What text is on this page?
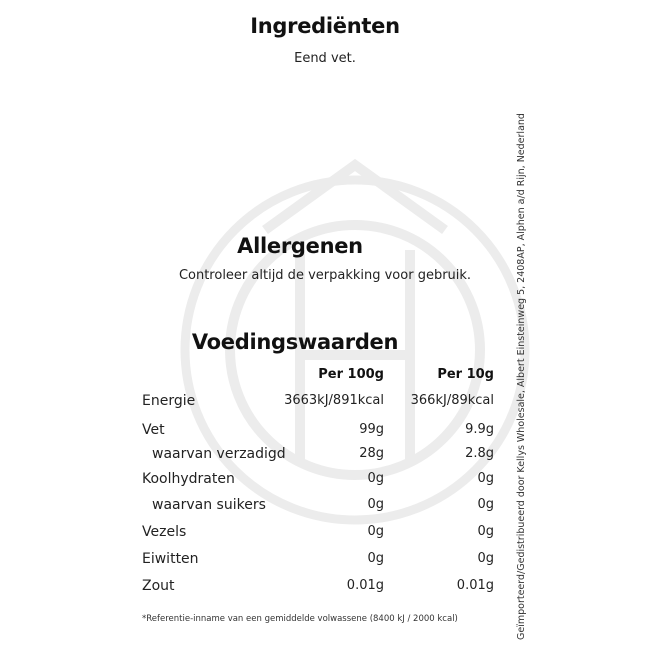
Ingrediënten

Eend vet.

Allergenen

Controleer altijd de verpakking voor gebruik.

Voedingswaarden
Per 100g	Per 10g
Energie	3663kJ/891kcal	366kJ/89kcal
Vet	99g	9.9g
waarvan verzadigd	28g	2.8g
Koolhydraten	0g	0g
waarvan suikers	0g	0g
Vezels	0g	0g
Eiwitten	0g	0g
Zout	0.01g	0.01g
*Referentie-inname van een gemiddelde volwassene (8400 kJ / 2000 kcal)	Geïmporteerd/Gedistribueerd door Kellys Wholesale, Albert Einsteinweg 5, 2408AP, Alphen a/d Rijn, Nederland
